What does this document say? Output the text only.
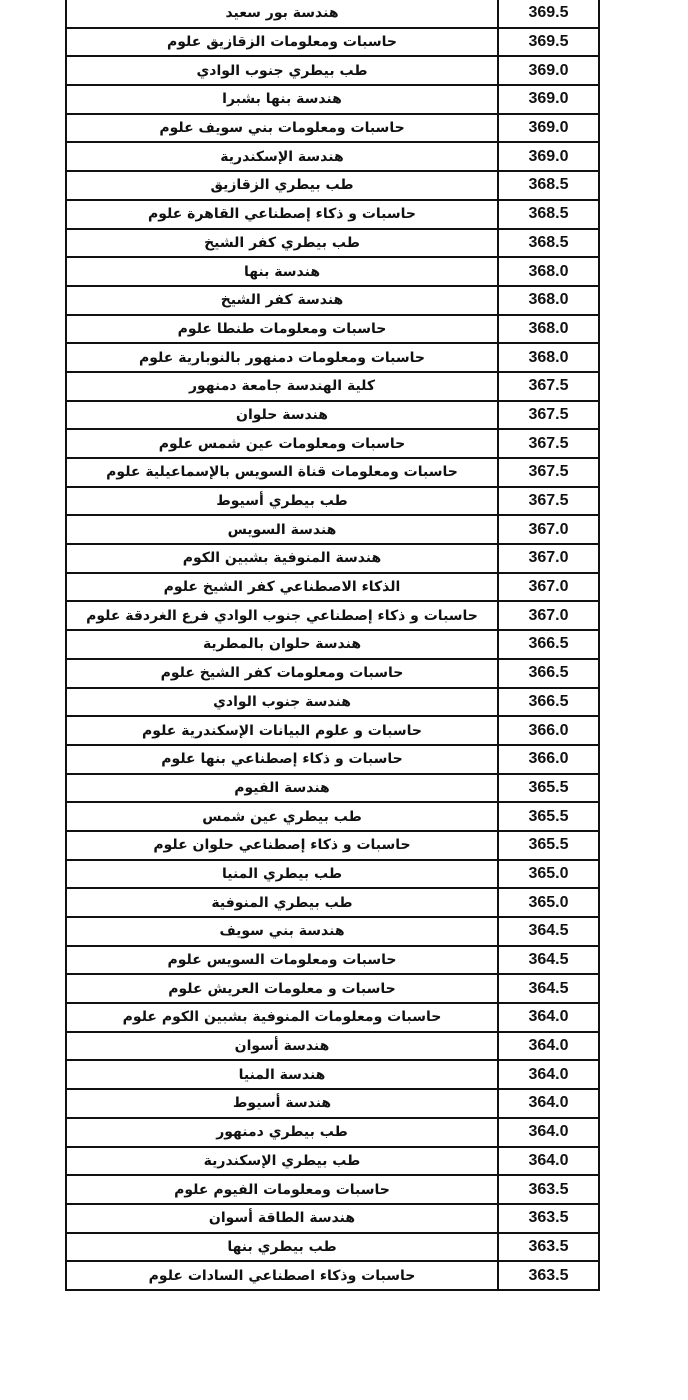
هندسة بور سعيد	369.5
حاسبات ومعلومات الزقازيق علوم	369.5
طب بيطري جنوب الوادي	369.0
هندسة بنها بشبرا	369.0
حاسبات ومعلومات بني سويف علوم	369.0
هندسة الإسكندرية	369.0
طب بيطري الزقازيق	368.5
حاسبات و ذكاء إصطناعي القاهرة علوم	368.5
طب بيطري كفر الشيخ	368.5
هندسة بنها	368.0
هندسة كفر الشيخ	368.0
حاسبات ومعلومات طنطا علوم	368.0
حاسبات ومعلومات دمنهور بالنوبارية علوم	368.0
كلية الهندسة جامعة دمنهور	367.5
هندسة حلوان	367.5
حاسبات ومعلومات عين شمس علوم	367.5
حاسبات ومعلومات قناة السويس بالإسماعيلية علوم	367.5
طب بيطري أسيوط	367.5
هندسة السويس	367.0
هندسة المنوفية بشبين الكوم	367.0
الذكاء الاصطناعي كفر الشيخ علوم	367.0
حاسبات و ذكاء إصطناعي جنوب الوادي فرع الغردقة علوم	367.0
هندسة حلوان بالمطرية	366.5
حاسبات ومعلومات كفر الشيخ علوم	366.5
هندسة جنوب الوادي	366.5
حاسبات و علوم البيانات الإسكندرية علوم	366.0
حاسبات و ذكاء إصطناعي بنها علوم	366.0
هندسة الفيوم	365.5
طب بيطري عين شمس	365.5
حاسبات و ذكاء إصطناعي حلوان علوم	365.5
طب بيطري المنيا	365.0
طب بيطري المنوفية	365.0
هندسة بني سويف	364.5
حاسبات ومعلومات السويس علوم	364.5
حاسبات و معلومات العريش علوم	364.5
حاسبات ومعلومات المنوفية بشبين الكوم علوم	364.0
هندسة أسوان	364.0
هندسة المنيا	364.0
هندسة أسيوط	364.0
طب بيطري دمنهور	364.0
طب بيطري الإسكندرية	364.0
حاسبات ومعلومات الفيوم علوم	363.5
هندسة الطاقة أسوان	363.5
طب بيطري بنها	363.5
حاسبات وذكاء اصطناعي السادات علوم	363.5
